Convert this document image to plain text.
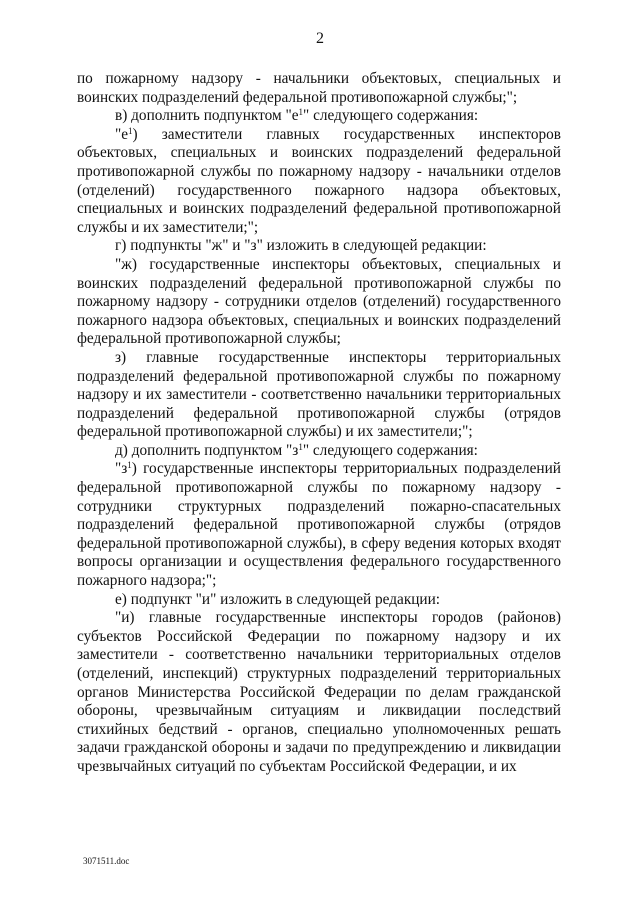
2

по пожарному надзору - начальники объектовых, специальных и воинских подразделений федеральной противопожарной службы;";

в) дополнить подпунктом "$е^1$" следующего содержания:

"$е^1$) заместители главных государственных инспекторов объектовых, специальных и воинских подразделений федеральной противопожарной службы по пожарному надзору - начальники отделов (отделений) государственного пожарного надзора объектовых, специальных и воинских подразделений федеральной противопожарной службы и их заместители;";

г) подпункты "ж" и "з" изложить в следующей редакции:

"ж) государственные инспекторы объектовых, специальных и воинских подразделений федеральной противопожарной службы по пожарному надзору - сотрудники отделов (отделений) государственного пожарного надзора объектовых, специальных и воинских подразделений федеральной противопожарной службы;

з) главные государственные инспекторы территориальных подразделений федеральной противопожарной службы по пожарному надзору и их заместители - соответственно начальники территориальных подразделений федеральной противопожарной службы (отрядов федеральной противопожарной службы) и их заместители;";

д) дополнить подпунктом "$з^1$" следующего содержания:

"$з^1$) государственные инспекторы территориальных подразделений федеральной противопожарной службы по пожарному надзору - сотрудники структурных подразделений пожарно-спасательных подразделений федеральной противопожарной службы (отрядов федеральной противопожарной службы), в сферу ведения которых входят вопросы организации и осуществления федерального государственного пожарного надзора;";

е) подпункт "и" изложить в следующей редакции:

"и) главные государственные инспекторы городов (районов) субъектов Российской Федерации по пожарному надзору и их заместители - соответственно начальники территориальных отделов (отделений, инспекций) структурных подразделений территориальных органов Министерства Российской Федерации по делам гражданской обороны, чрезвычайным ситуациям и ликвидации последствий стихийных бедствий - органов, специально уполномоченных решать задачи гражданской обороны и задачи по предупреждению и ликвидации чрезвычайных ситуаций по субъектам Российской Федерации, и их

3071511.doc
